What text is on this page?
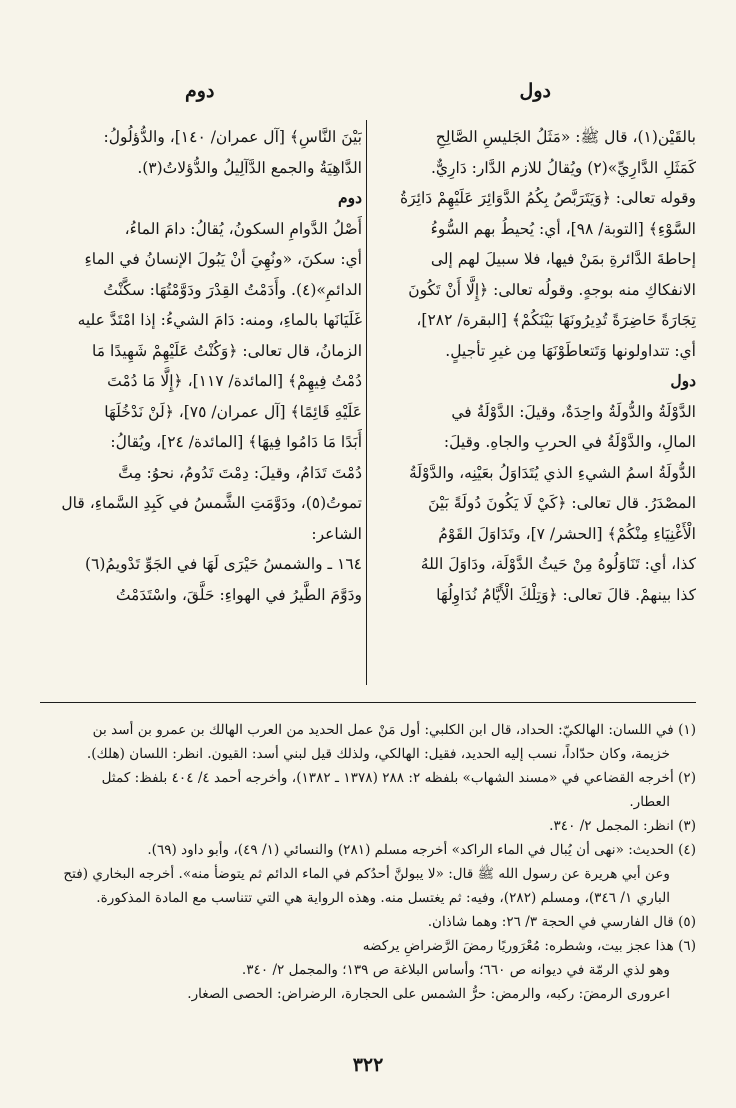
دول
دوم
بالقَيْن(١)، قال ﷺ: «مَثَلُ الجَليسِ الصَّالِحِ
كَمَثَلِ الدَّارِيِّ»(٢) ويُقالُ للازم الدَّار: دَارِيٌّ.
وقوله تعالى: ﴿وَيَتَرَبَّصُ بِكُمُ الدَّوَائِرَ عَلَيْهِمْ دَائِرَةُ
السَّوْءِ﴾ [التوبة/ ٩٨]، أي: يُحيطُ بهم السُّوءُ
إحاطةَ الدَّائرةِ بمَنْ فيها، فلا سبيلَ لهم إلى
الانفكاكِ منه بوجهٍ. وقولُه تعالى: ﴿إِلَّا أَنْ تَكُونَ
تِجَارَةً حَاضِرَةً تُدِيرُونَهَا بَيْنَكُمْ﴾ [البقرة/ ٢٨٢]،
أي: تتداولونها وَتَتعاطَوْنَهَا مِن غيرِ تأجيلٍ.
دول
الدَّوْلَةُ والدُّولَةُ واحِدَةٌ، وقيلَ: الدَّوْلَةُ في
المالِ، والدَّوْلَةُ في الحربِ والجاهِ. وقيلَ:
الدُّولَةُ اسمُ الشيءِ الذي يُتَدَاوَلُ بعَيْنِه، والدَّوْلَةُ
المصْدَرُ. قال تعالى: ﴿كَيْ لَا يَكُونَ دُولَةً بَيْنَ
الْأَغْنِيَاءِ مِنْكُمْ﴾ [الحشر/ ٧]، وتَدَاوَلَ القَوْمُ
كذا، أي: تَنَاوَلُوهُ مِنْ حَيثُ الدَّوْلَة، ودَاوَلَ اللهُ
كذا بينهمْ. قالَ تعالى: ﴿وَتِلْكَ الْأَيَّامُ نُدَاوِلُهَا
بَيْنَ النَّاسِ﴾ [آل عمران/ ١٤٠]، والدُّؤلُولُ:
الدَّاهِيَةُ والجمع الدَّآلِيلُ والدُّؤلاتُ(٣).
دوم
أَصْلُ الدَّوامِ السكونُ، يُقالُ: دامَ الماءُ،
أي: سكنَ، «ونُهِيَ أنْ يَبُولَ الإنسانُ في الماءِ
الدائمِ»(٤). وأَدَمْتُ القِدْرَ ودَوَّمْتُهَا: سكَّنْتُ
غَلَيَانَها بالماءِ، ومنه: دَامَ الشيءُ: إذا امْتَدَّ عليه
الزمانُ، قال تعالى: ﴿وَكُنْتُ عَلَيْهِمْ شَهِيدًا مَا
دُمْتُ فِيهِمْ﴾ [المائدة/ ١١٧]، ﴿إِلَّا مَا دُمْتَ
عَلَيْهِ قَائِمًا﴾ [آل عمران/ ٧٥]، ﴿لَنْ نَدْخُلَهَا
أَبَدًا مَا دَامُوا فِيهَا﴾ [المائدة/ ٢٤]، ويُقالُ:
دُمْتَ تَدَامُ، وقيلَ: دِمْتَ تَدُومُ، نحوُ: مِتَّ
تموتُ(٥)، ودَوَّمَتِ الشَّمسُ في كَبِدِ السَّماءِ، قال
الشاعر:
١٦٤ ـ والشمسُ حَيْرَى لَهَا في الجَوِّ تَدْويمُ(٦)
ودَوَّمَ الطَّيرُ في الهواءِ: حَلَّقَ، واسْتَدَمْتُ
(١) في اللسان: الهالكيّ: الحداد، قال ابن الكلبي: أول مَنْ عمل الحديد من العرب الهالك بن عمرو بن أسد بن
خزيمة، وكان حدّاداً، نسب إليه الحديد، فقيل: الهالكي، ولذلك قيل لبني أسد: القيون. انظر: اللسان (هلك).
(٢) أخرجه القضاعي في «مسند الشهاب» بلفظه ٢: ٢٨٨ (١٣٧٨ ـ ١٣٨٢)، وأخرجه أحمد ٤/ ٤٠٤ بلفظ: كمثل
العطار.
(٣) انظر: المجمل ٢/ ٣٤٠.
(٤) الحديث: «نهى أن يُبال في الماء الراكد» أخرجه مسلم (٢٨١) والنسائي (١/ ٤٩)، وأبو داود (٦٩).
وعن أبي هريرة عن رسول الله ﷺ قال: «لا يبولنَّ أحدُكم في الماء الدائم ثم يتوضأ منه». أخرجه البخاري (فتح
الباري ١/ ٣٤٦)، ومسلم (٢٨٢)، وفيه: ثم يغتسل منه. وهذه الرواية هي التي تتناسب مع المادة المذكورة.
(٥) قال الفارسي في الحجة ٣/ ٢٦: وهما شاذان.
(٦) هذا عجز بيت، وشطره: مُعْرَوريًا رمضَ الرَّضراضِ يركضه
وهو لذي الرمّة في ديوانه ص ٦٦٠؛ وأساس البلاغة ص ١٣٩؛ والمجمل ٢/ ٣٤٠.
اعرورى الرمضَ: ركبه، والرمض: حرُّ الشمس على الحجارة، الرضراض: الحصى الصغار.
٣٢٢
